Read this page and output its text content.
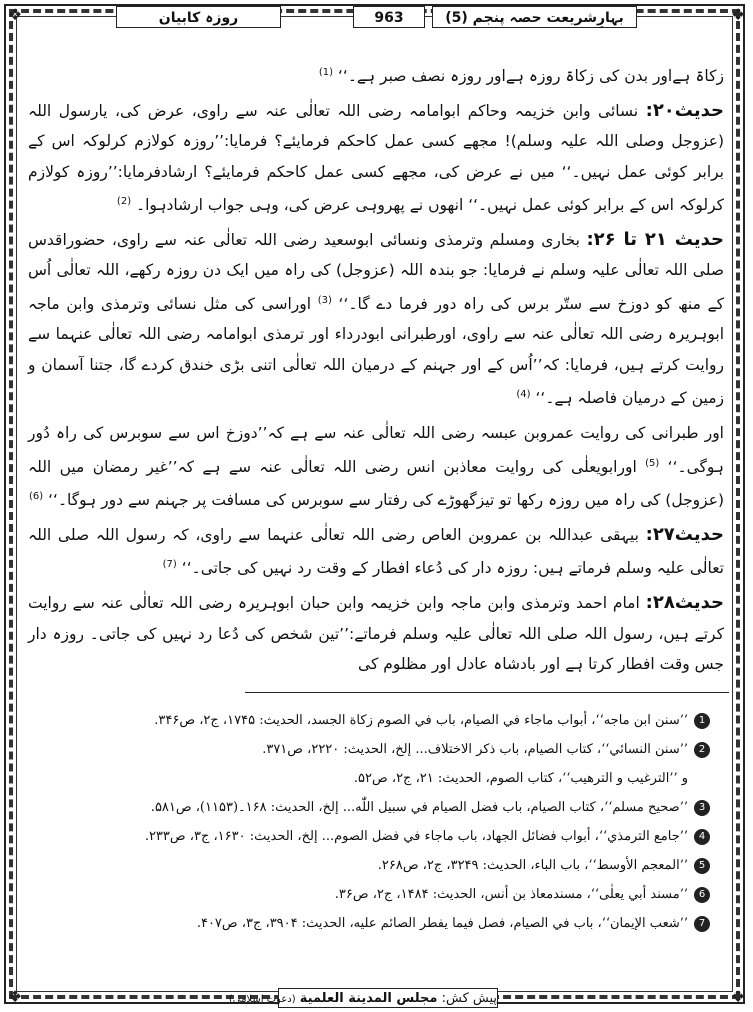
❖	❖
❖	❖
بہارِشریعت حصہ پنجم (5)
963
روزہ کابیان

زکاۃ ہےاور بدن کی زکاۃ روزہ ہےاور روزہ نصف صبر ہے۔‘‘ $^{(1)}$

حدیث۲۰: نسائی وابن خزیمہ وحاکم ابوامامہ رضی اللہ تعالٰی عنہ سے راوی، عرض کی، یارسول اللہ (عزوجل وصلی اللہ علیہ وسلم)! مجھے کسی عمل کاحکم فرمایئے؟ فرمایا:’’روزہ کولازم کرلوکہ اس کے برابر کوئی عمل نہیں۔‘‘ میں نے عرض کی، مجھے کسی عمل کاحکم فرمایئے؟ ارشادفرمایا:’’روزہ کولازم کرلوکہ اس کے برابر کوئی عمل نہیں۔‘‘ انھوں نے پھروہی عرض کی، وہی جواب ارشادہوا۔ $^{(2)}$

حدیث ۲۱ تا ۲۶: بخاری ومسلم وترمذی ونسائی ابوسعید رضی اللہ تعالٰی عنہ سے راوی، حضوراقدس صلی اللہ تعالٰی علیہ وسلم نے فرمایا: جو بندہ اللہ (عزوجل) کی راہ میں ایک دن روزہ رکھے، اللہ تعالٰی اُس کے منھ کو دوزخ سے ستّر برس کی راہ دور فرما دے گا۔‘‘ $^{(3)}$ اوراسی کی مثل نسائی وترمذی وابن ماجہ ابوہریرہ رضی اللہ تعالٰی عنہ سے راوی، اورطبرانی ابودرداء اور ترمذی ابوامامہ رضی اللہ تعالٰی عنہما سے روایت کرتے ہیں، فرمایا: کہ’’اُس کے اور جہنم کے درمیان اللہ تعالٰی اتنی بڑی خندق کردے گا، جتنا آسمان و زمین کے درمیان فاصلہ ہے۔‘‘ $^{(4)}$

اور طبرانی کی روایت عمروبن عبسہ رضی اللہ تعالٰی عنہ سے ہے کہ’’دوزخ اس سے سوبرس کی راہ دُور ہوگی۔‘‘ $^{(5)}$ اورابویعلٰی کی روایت معاذبن انس رضی اللہ تعالٰی عنہ سے ہے کہ’’غیر رمضان میں اللہ (عزوجل) کی راہ میں روزہ رکھا تو تیزگھوڑے کی رفتار سے سوبرس کی مسافت پر جہنم سے دور ہوگا۔‘‘ $^{(6)}$

حدیث۲۷: بیہقی عبداللہ بن عمروبن العاص رضی اللہ تعالٰی عنہما سے راوی، کہ رسول اللہ صلی اللہ تعالٰی علیہ وسلم فرماتے ہیں: روزہ دار کی دُعاء افطار کے وقت رد نہیں کی جاتی۔‘‘ $^{(7)}$

حدیث۲۸: امام احمد وترمذی وابن ماجہ وابن خزیمہ وابن حبان ابوہریرہ رضی اللہ تعالٰی عنہ سے روایت کرتے ہیں، رسول اللہ صلی اللہ تعالٰی علیہ وسلم فرماتے:’’تین شخص کی دُعا رد نہیں کی جاتی۔ روزہ دار جس وقت افطار کرتا ہے اور بادشاہ عادل اور مظلوم کی

1’’سنن ابن ماجه‘‘، أبواب ماجاء في الصيام، باب في الصوم زكاة الجسد، الحديث: ۱۷۴۵، ج۲، ص۳۴۶.
2’’سنن النسائي‘‘، كتاب الصيام، باب ذكر الاختلاف... إلخ، الحديث: ۲۲۲۰، ص۳۷۱.
و ’’الترغيب و الترهيب‘‘، كتاب الصوم، الحديث: ۲۱، ج۲، ص۵۲.
3’’صحيح مسلم‘‘، كتاب الصيام، باب فضل الصيام في سبيل اللّٰه... إلخ، الحديث: ۱۶۸۔(۱۱۵۳)، ص۵۸۱.
4’’جامع الترمذي‘‘، أبواب فضائل الجهاد، باب ماجاء في فضل الصوم... إلخ، الحديث: ۱۶۳۰، ج۳، ص۲۳۳.
5’’المعجم الأوسط‘‘، باب الباء، الحديث: ۳۲۴۹، ج۲، ص۲۶۸.
6’’مسند أبي يعلٰى‘‘، مسندمعاذ بن أنس، الحديث: ۱۴۸۴، ج۲، ص۳۶.
7’’شعب الإيمان‘‘، باب في الصيام، فصل فيما يفطر الصائم عليه، الحديث: ۳۹۰۴، ج۳، ص۴۰۷.
پیش کش: مجلس المدينة العلمية (دعوتِ اسلامی)
